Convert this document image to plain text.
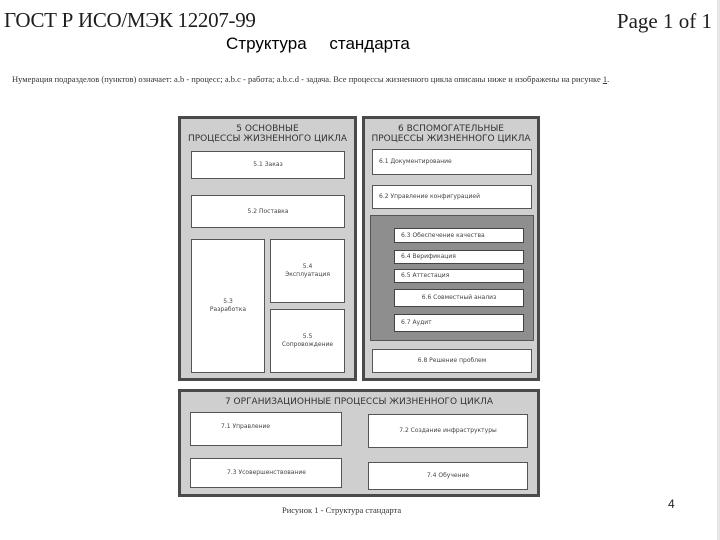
ГОСТ Р ИСО/МЭК 12207-99	Page 1 of 1
Структура стандарта
Нумерация подразделов (пунктов) означает: a.b - процесс; a.b.c - работа; a.b.c.d - задача. Все процессы жизненного цикла описаны ниже и изображены на рисунке 1.
5 ОСНОВНЫЕ
ПРОЦЕССЫ ЖИЗНЕННОГО ЦИКЛА
5.1 Заказ
5.2 Поставка
5.3
Разработка
5.4
Эксплуатация
5.5
Сопровождение
6 ВСПОМОГАТЕЛЬНЫЕ
ПРОЦЕССЫ ЖИЗНЕННОГО ЦИКЛА
6.1 Документирование
6.2 Управление конфигурацией
6.3 Обеспечение качества
6.4 Верификация
6.5 Аттестация
6.6 Совместный анализ
6.7 Аудит
6.8 Решение проблем
7 ОРГАНИЗАЦИОННЫЕ ПРОЦЕССЫ ЖИЗНЕННОГО ЦИКЛА
7.1 Управление
7.2 Создание инфраструктуры
7.3 Усовершенствование	7.4 Обучение
Рисунок 1 - Структура стандарта	4
